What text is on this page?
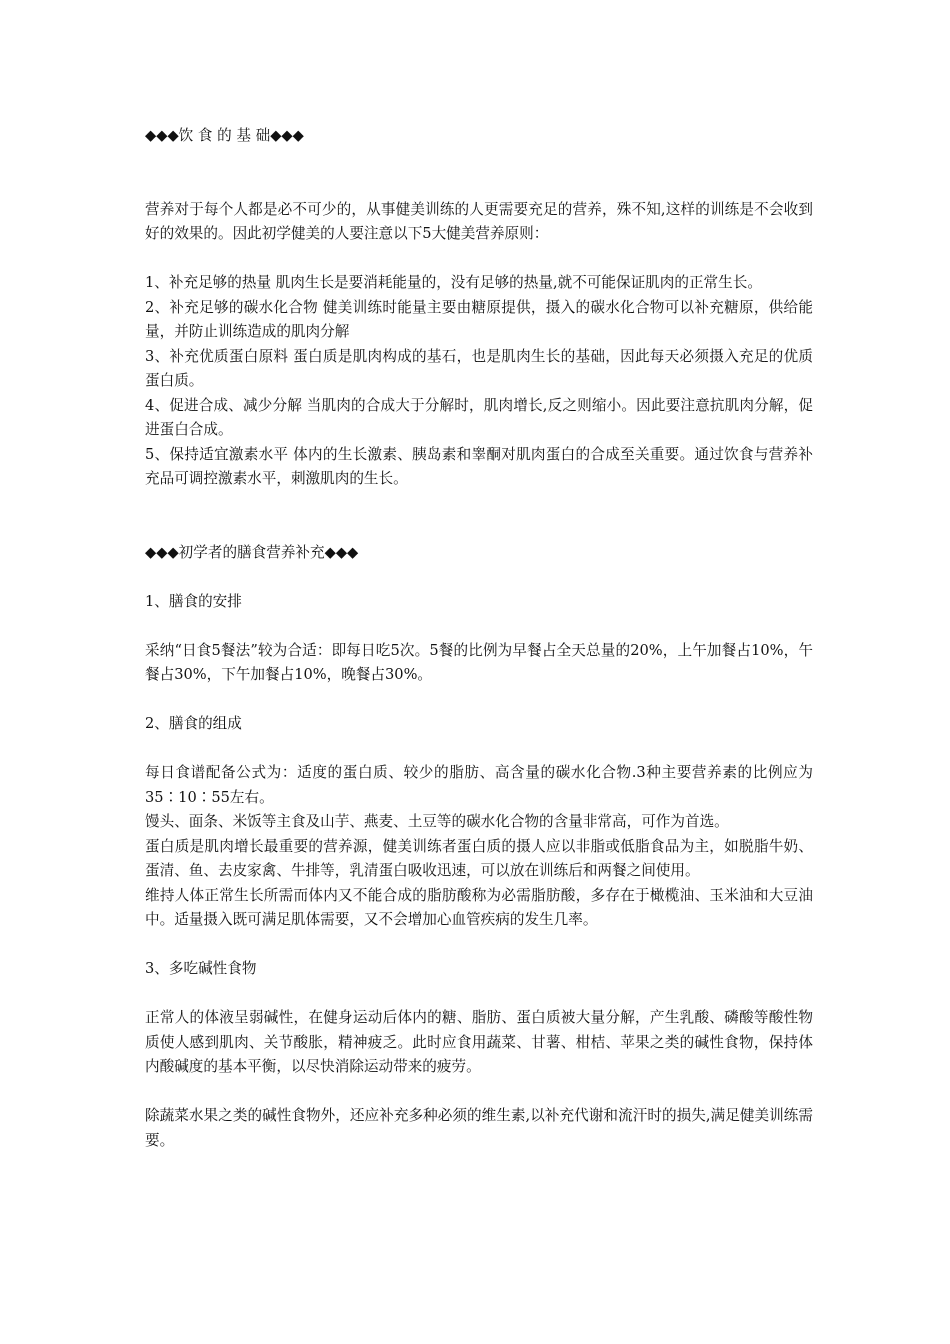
◆◆◆饮 食 的 基 础◆◆◆

营养对于每个人都是必不可少的，从事健美训练的人更需要充足的营养，殊不知,这样的训练是不会收到好的效果的。因此初学健美的人要注意以下5大健美营养原则：

1、补充足够的热量 肌肉生长是要消耗能量的，没有足够的热量,就不可能保证肌肉的正常生长。

2、补充足够的碳水化合物 健美训练时能量主要由糖原提供，摄入的碳水化合物可以补充糖原，供给能量，并防止训练造成的肌肉分解

3、补充优质蛋白原料 蛋白质是肌肉构成的基石，也是肌肉生长的基础，因此每天必须摄入充足的优质蛋白质。

4、促进合成、减少分解 当肌肉的合成大于分解时，肌肉增长,反之则缩小。因此要注意抗肌肉分解，促进蛋白合成。

5、保持适宜激素水平 体内的生长激素、胰岛素和睾酮对肌肉蛋白的合成至关重要。通过饮食与营养补充品可调控激素水平，刺激肌肉的生长。

◆◆◆初学者的膳食营养补充◆◆◆

1、膳食的安排

采纳“日食5餐法”较为合适：即每日吃5次。5餐的比例为早餐占全天总量的20%，上午加餐占10%，午餐占30%，下午加餐占10%，晚餐占30%。

2、膳食的组成

每日食谱配备公式为：适度的蛋白质、较少的脂肪、高含量的碳水化合物.3种主要营养素的比例应为35∶10∶55左右。

馒头、面条、米饭等主食及山芋、燕麦、土豆等的碳水化合物的含量非常高，可作为首选。

蛋白质是肌肉增长最重要的营养源，健美训练者蛋白质的摄人应以非脂或低脂食品为主，如脱脂牛奶、蛋清、鱼、去皮家禽、牛排等，乳清蛋白吸收迅速，可以放在训练后和两餐之间使用。

维持人体正常生长所需而体内又不能合成的脂肪酸称为必需脂肪酸，多存在于橄榄油、玉米油和大豆油中。适量摄入既可满足肌体需要，又不会增加心血管疾病的发生几率。

3、多吃碱性食物

正常人的体液呈弱碱性，在健身运动后体内的糖、脂肪、蛋白质被大量分解，产生乳酸、磷酸等酸性物质使人感到肌肉、关节酸胀，精神疲乏。此时应食用蔬菜、甘薯、柑桔、苹果之类的碱性食物，保持体内酸碱度的基本平衡，以尽快消除运动带来的疲劳。

除蔬菜水果之类的碱性食物外，还应补充多种必须的维生素,以补充代谢和流汗时的损失,满足健美训练需要。
